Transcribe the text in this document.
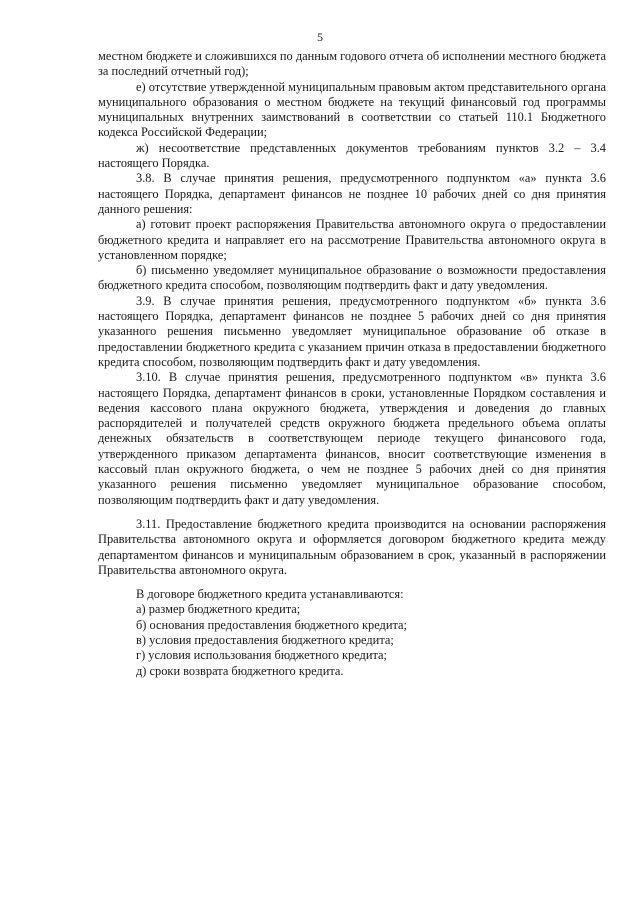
5

местном бюджете и сложившихся по данным годового отчета об исполнении местного бюджета за последний отчетный год);

е) отсутствие утвержденной муниципальным правовым актом представительного органа муниципального образования о местном бюджете на текущий финансовый год программы муниципальных внутренних заимствований в соответствии со статьей 110.1 Бюджетного кодекса Российской Федерации;

ж) несоответствие представленных документов требованиям пунктов 3.2 – 3.4 настоящего Порядка.

3.8. В случае принятия решения, предусмотренного подпунктом «а» пункта 3.6 настоящего Порядка, департамент финансов не позднее 10 рабочих дней со дня принятия данного решения:

а) готовит проект распоряжения Правительства автономного округа о предоставлении бюджетного кредита и направляет его на рассмотрение Правительства автономного округа в установленном порядке;

б) письменно уведомляет муниципальное образование о возможности предоставления бюджетного кредита способом, позволяющим подтвердить факт и дату уведомления.

3.9. В случае принятия решения, предусмотренного подпунктом «б» пункта 3.6 настоящего Порядка, департамент финансов не позднее 5 рабочих дней со дня принятия указанного решения письменно уведомляет муниципальное образование об отказе в предоставлении бюджетного кредита с указанием причин отказа в предоставлении бюджетного кредита способом, позволяющим подтвердить факт и дату уведомления.

3.10. В случае принятия решения, предусмотренного подпунктом «в» пункта 3.6 настоящего Порядка, департамент финансов в сроки, установленные Порядком составления и ведения кассового плана окружного бюджета, утверждения и доведения до главных распорядителей и получателей средств окружного бюджета предельного объема оплаты денежных обязательств в соответствующем периоде текущего финансового года, утвержденного приказом департамента финансов, вносит соответствующие изменения в кассовый план окружного бюджета, о чем не позднее 5 рабочих дней со дня принятия указанного решения письменно уведомляет муниципальное образование способом, позволяющим подтвердить факт и дату уведомления.

3.11. Предоставление бюджетного кредита производится на основании распоряжения Правительства автономного округа и оформляется договором бюджетного кредита между департаментом финансов и муниципальным образованием в срок, указанный в распоряжении Правительства автономного округа.

В договоре бюджетного кредита устанавливаются:

а) размер бюджетного кредита;

б) основания предоставления бюджетного кредита;

в) условия предоставления бюджетного кредита;

г) условия использования бюджетного кредита;

д) сроки возврата бюджетного кредита.
